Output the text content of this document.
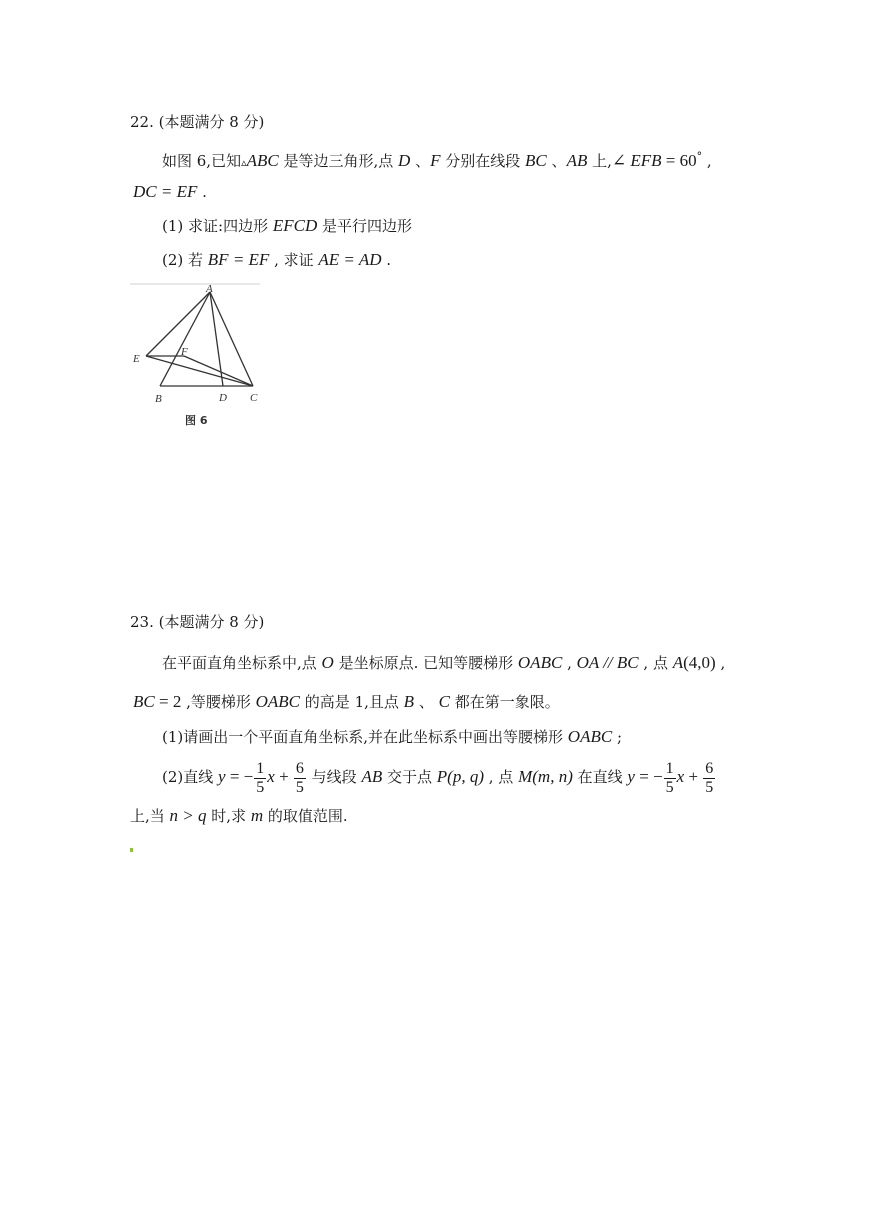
22. (本题满分 8 分)
如图 6,已知▵ABC 是等边三角形,点 D 、F 分别在线段 BC 、AB 上,∠ EFB = 60° ,
DC = EF .
(1) 求证:四边形 EFCD 是平行四边形
(2) 若 BF = EF , 求证 AE = AD .
A
E
F
B	D C
图 6
23. (本题满分 8 分)
在平面直角坐标系中,点 O 是坐标原点. 已知等腰梯形 OABC , OA // BC , 点 A(4,0) ,
BC = 2 ,等腰梯形 OABC 的高是 1,且点 B 、 C 都在第一象限。
(1)请画出一个平面直角坐标系,并在此坐标系中画出等腰梯形 OABC ;
(2)直线 y = − $\frac{1}{5}$ $x + \frac{6}{5}$ 与线段 AB 交于点 P(p, q) , 点 M(m, n) 在直线 y = − $\frac{1}{5}$ $x + \frac{6}{5}$
上,当 n > q 时,求 m 的取值范围.
